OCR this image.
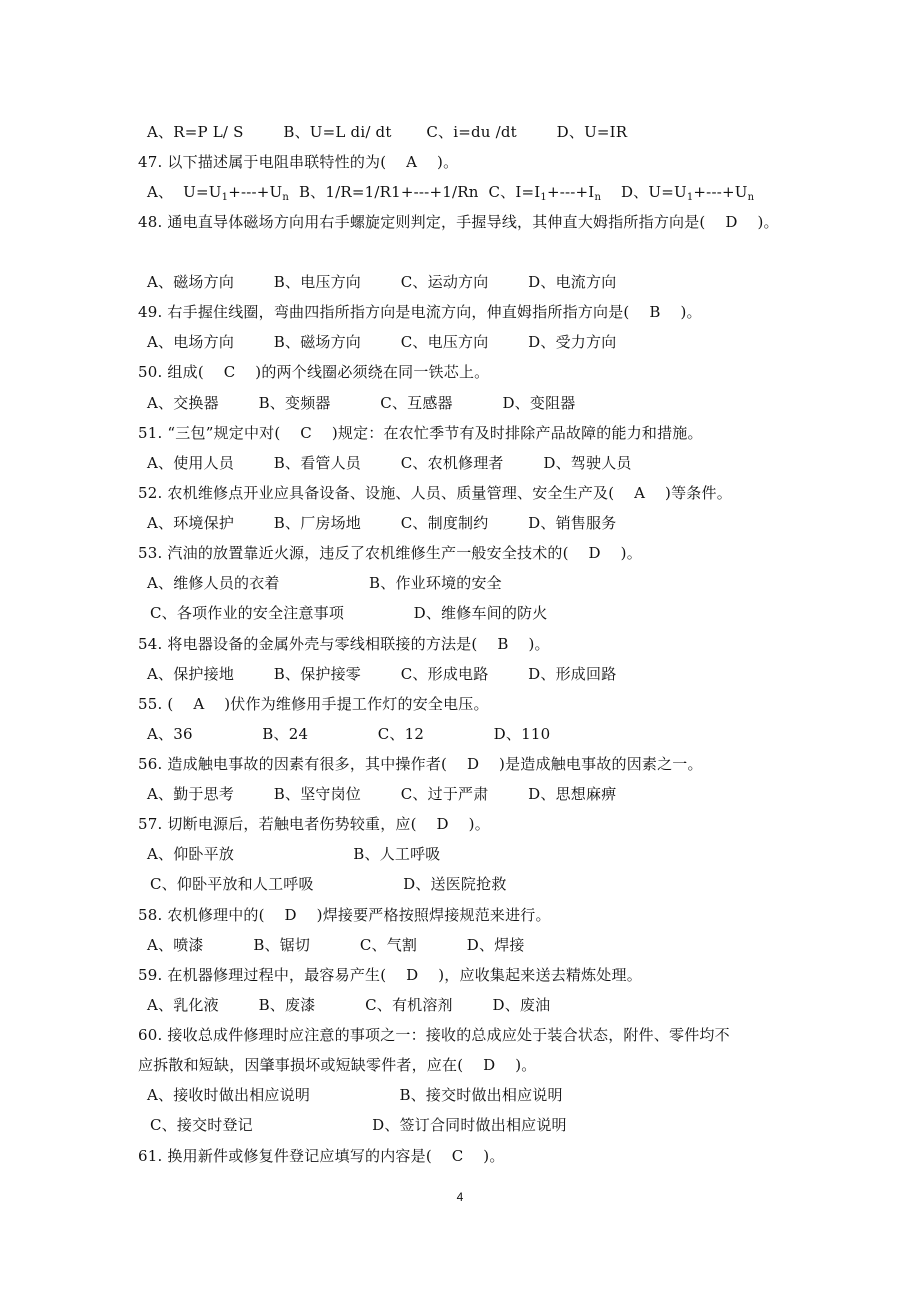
A、R=P L/ S        B、U=L di/ dt       C、i=du /dt        D、U=IR
47. 以下描述属于电阻串联特性的为(    A    )。
A、  $U=U_1+---+U_n$  B、1/R=1/R1+---+1/Rn  C、$I=I_1+---+I_n$    D、$U=U_1+---+U_n$
48. 通电直导体磁场方向用右手螺旋定则判定，手握导线，其伸直大姆指所指方向是(    D    )。
A、磁场方向        B、电压方向        C、运动方向        D、电流方向
49. 右手握住线圈，弯曲四指所指方向是电流方向，伸直姆指所指方向是(    B    )。
A、电场方向        B、磁场方向        C、电压方向        D、受力方向
50. 组成(    C    )的两个线圈必须绕在同一铁芯上。
A、交换器        B、变频器          C、互感器          D、变阻器
51. “三包”规定中对(    C    )规定：在农忙季节有及时排除产品故障的能力和措施。
A、使用人员        B、看管人员        C、农机修理者        D、驾驶人员
52. 农机维修点开业应具备设备、设施、人员、质量管理、安全生产及(    A    )等条件。
A、环境保护        B、厂房场地        C、制度制约        D、销售服务
53. 汽油的放置靠近火源，违反了农机维修生产一般安全技术的(    D    )。
A、维修人员的衣着                  B、作业环境的安全
C、各项作业的安全注意事项              D、维修车间的防火
54. 将电器设备的金属外壳与零线相联接的方法是(    B    )。
A、保护接地        B、保护接零        C、形成电路        D、形成回路
55. (    A    )伏作为维修用手提工作灯的安全电压。
A、36              B、24              C、12              D、110
56. 造成触电事故的因素有很多，其中操作者(    D    )是造成触电事故的因素之一。
A、勤于思考        B、坚守岗位        C、过于严肃        D、思想麻痹
57. 切断电源后，若触电者伤势较重，应(    D    )。
A、仰卧平放                        B、人工呼吸
C、仰卧平放和人工呼吸                  D、送医院抢救
58. 农机修理中的(    D    )焊接要严格按照焊接规范来进行。
A、喷漆          B、锯切          C、气割          D、焊接
59. 在机器修理过程中，最容易产生(    D    )，应收集起来送去精炼处理。
A、乳化液        B、废漆          C、有机溶剂        D、废油
60. 接收总成件修理时应注意的事项之一：接收的总成应处于装合状态，附件、零件均不
应拆散和短缺，因肇事损坏或短缺零件者，应在(    D    )。
A、接收时做出相应说明                  B、接交时做出相应说明
C、接交时登记                        D、签订合同时做出相应说明
61. 换用新件或修复件登记应填写的内容是(    C    )。
4
